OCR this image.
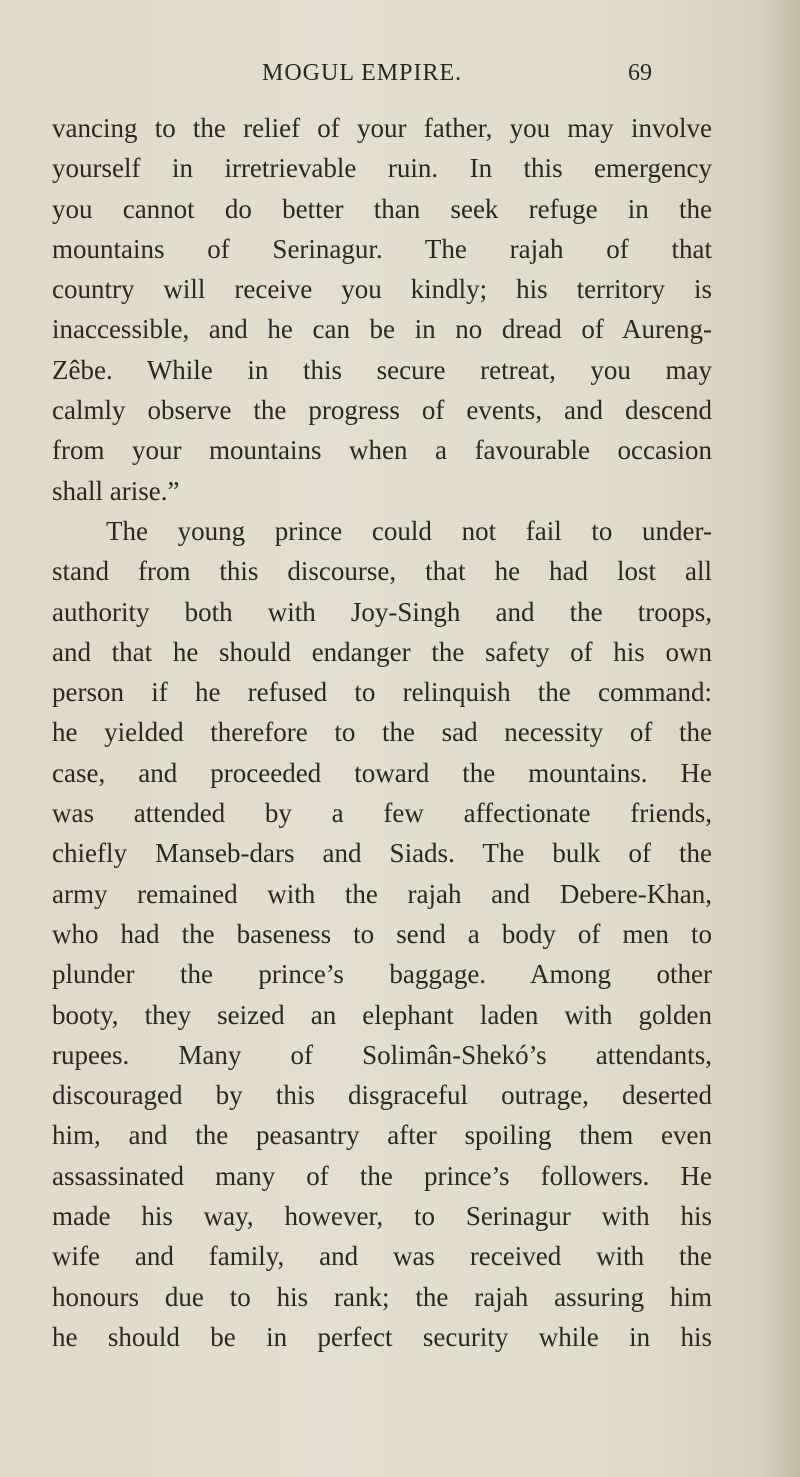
MOGUL EMPIRE.	69
vancing to the relief of your father, you may involve
yourself in irretrievable ruin. In this emergency
you cannot do better than seek refuge in the
mountains of Serinagur. The rajah of that
country will receive you kindly; his territory is
inaccessible, and he can be in no dread of Aureng-
Zêbe. While in this secure retreat, you may
calmly observe the progress of events, and descend
from your mountains when a favourable occasion
shall arise.”
The young prince could not fail to under-
stand from this discourse, that he had lost all
authority both with Joy-Singh and the troops,
and that he should endanger the safety of his own
person if he refused to relinquish the command:
he yielded therefore to the sad necessity of the
case, and proceeded toward the mountains. He
was attended by a few affectionate friends,
chiefly Manseb-dars and Siads. The bulk of the
army remained with the rajah and Debere-Khan,
who had the baseness to send a body of men to
plunder the prince’s baggage. Among other
booty, they seized an elephant laden with golden
rupees. Many of Solimân-Shekó’s attendants,
discouraged by this disgraceful outrage, deserted
him, and the peasantry after spoiling them even
assassinated many of the prince’s followers. He
made his way, however, to Serinagur with his
wife and family, and was received with the
honours due to his rank; the rajah assuring him
he should be in perfect security while in his
